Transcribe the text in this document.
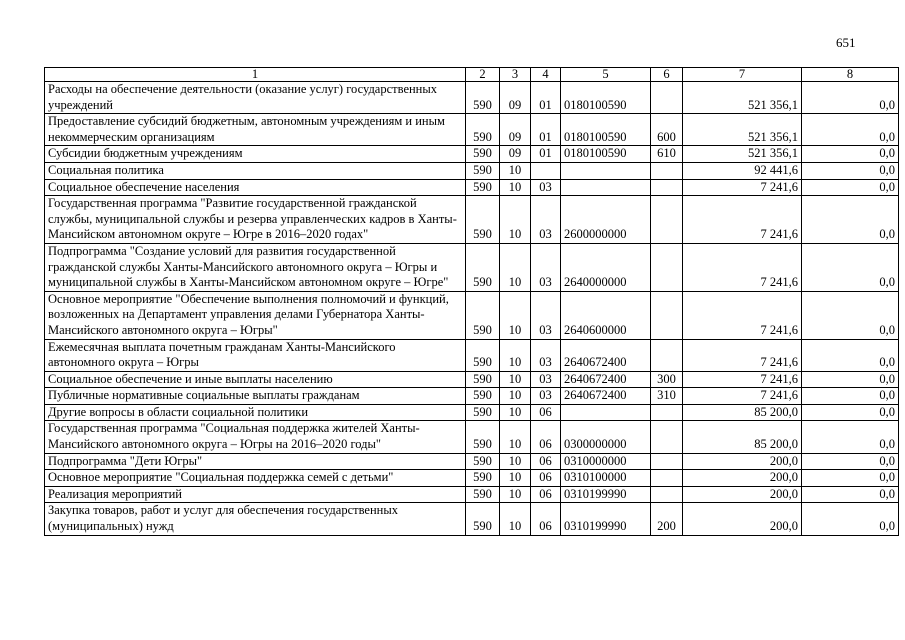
651
1	2	3	4	5	6	7	8
Расходы на обеспечение деятельности (оказание услуг) государственных учреждений	590	09	01	0180100590		521 356,1	0,0
Предоставление субсидий бюджетным, автономным учреждениям и иным некоммерческим организациям	590	09	01	0180100590	600	521 356,1	0,0
Субсидии бюджетным учреждениям	590	09	01	0180100590	610	521 356,1	0,0
Социальная политика	590	10				92 441,6	0,0
Социальное обеспечение населения	590	10	03			7 241,6	0,0
Государственная программа "Развитие государственной гражданской службы, муниципальной службы и резерва управленческих кадров в Ханты-Мансийском автономном округе – Югре в 2016–2020 годах"	590	10	03	2600000000		7 241,6	0,0
Подпрограмма "Создание условий для развития государственной гражданской службы Ханты-Мансийского автономного округа – Югры и муниципальной службы в Ханты-Мансийском автономном округе – Югре"	590	10	03	2640000000		7 241,6	0,0
Основное мероприятие "Обеспечение выполнения полномочий и функций, возложенных на Департамент управления делами Губернатора Ханты-Мансийского автономного округа – Югры"	590	10	03	2640600000		7 241,6	0,0
Ежемесячная выплата почетным гражданам Ханты-Мансийского автономного округа – Югры	590	10	03	2640672400		7 241,6	0,0
Социальное обеспечение и иные выплаты населению	590	10	03	2640672400	300	7 241,6	0,0
Публичные нормативные социальные выплаты гражданам	590	10	03	2640672400	310	7 241,6	0,0
Другие вопросы в области социальной политики	590	10	06			85 200,0	0,0
Государственная программа "Социальная поддержка жителей Ханты-Мансийского автономного округа – Югры на 2016–2020 годы"	590	10	06	0300000000		85 200,0	0,0
Подпрограмма "Дети Югры"	590	10	06	0310000000		200,0	0,0
Основное мероприятие "Социальная поддержка семей с детьми"	590	10	06	0310100000		200,0	0,0
Реализация мероприятий	590	10	06	0310199990		200,0	0,0
Закупка товаров, работ и услуг для обеспечения государственных (муниципальных) нужд	590	10	06	0310199990	200	200,0	0,0
